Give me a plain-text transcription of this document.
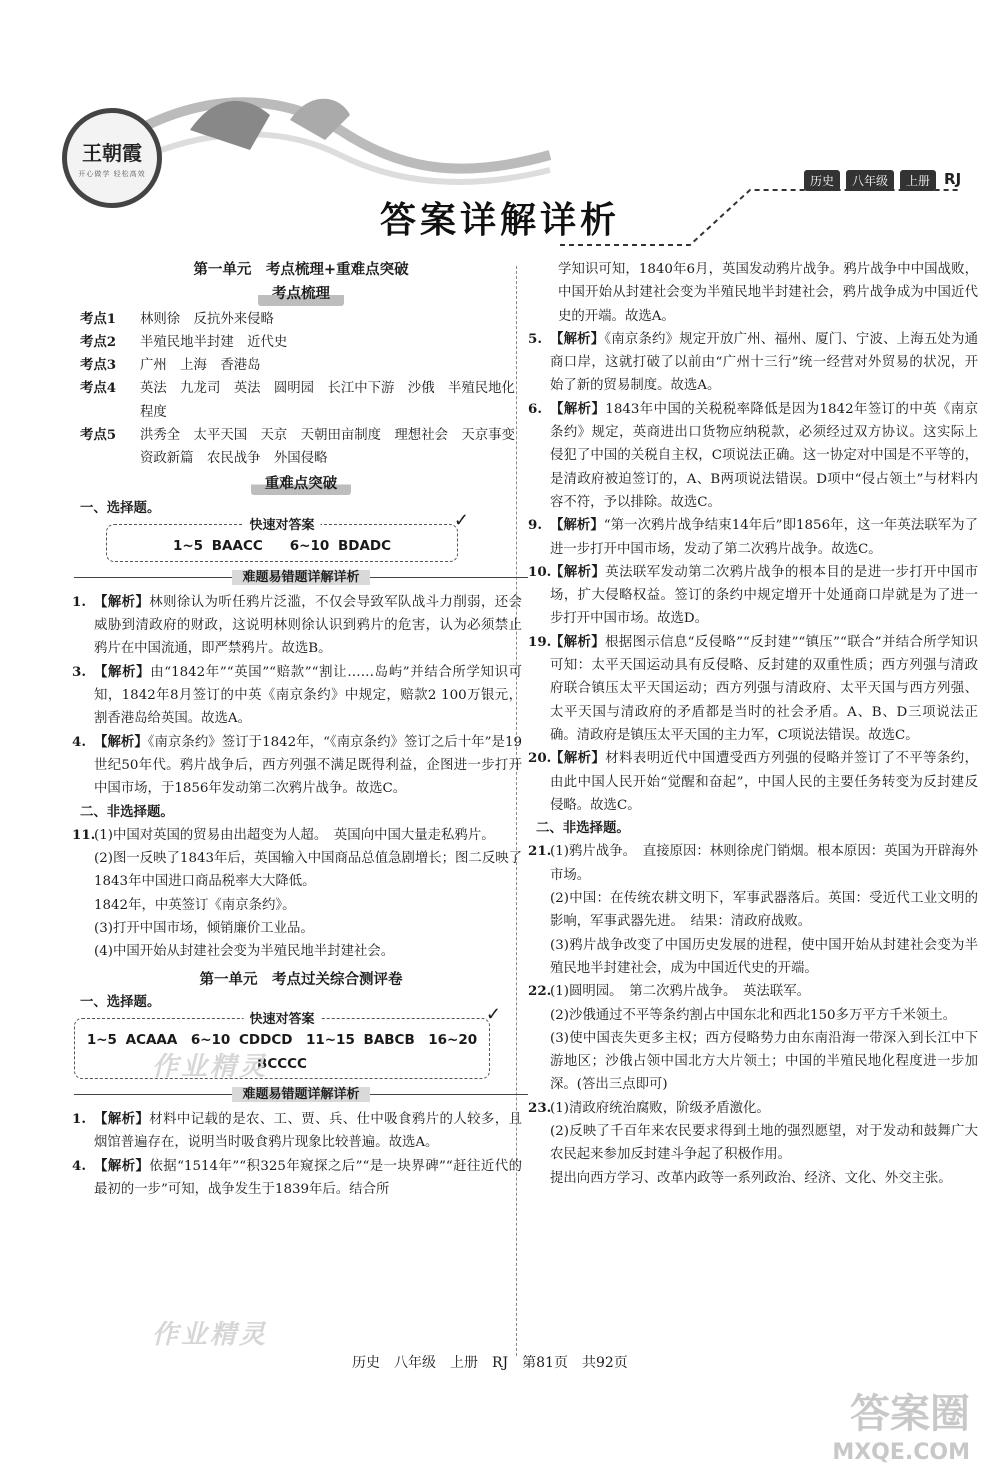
王朝霞
开心做学 轻松高效
答案详解详析
历史	八年级	上册 RJ
第一单元　考点梳理+重难点突破
考点梳理
考点1	林则徐　反抗外来侵略
考点2	半殖民地半封建　近代史
考点3	广州　上海　香港岛
考点4	英法　九龙司　英法　圆明园　长江中下游　沙俄　半殖民地化程度
考点5	洪秀全　太平天国　天京　天朝田亩制度　理想社会　天京事变　资政新篇　农民战争　外国侵略
重难点突破
一、选择题。
快速对答案	✓
1~5 BAACC　　6~10 BDADC
难题易错题详解详析
1. 【解析】林则徐认为听任鸦片泛滥，不仅会导致军队战斗力削弱，还会威胁到清政府的财政，这说明林则徐认识到鸦片的危害，认为必须禁止鸦片在中国流通，即严禁鸦片。故选B。
3. 【解析】由“1842年”“英国”“赔款”“割让……岛屿”并结合所学知识可知，1842年8月签订的中英《南京条约》中规定，赔款2 100万银元，割香港岛给英国。故选A。
4. 【解析】《南京条约》签订于1842年，“《南京条约》签订之后十年”是19世纪50年代。鸦片战争后，西方列强不满足既得利益，企图进一步打开中国市场，于1856年发动第二次鸦片战争。故选C。
二、非选择题。
11.
(1)中国对英国的贸易由出超变为人超。　英国向中国大量走私鸦片。
(2)图一反映了1843年后，英国输入中国商品总值急剧增长；图二反映了1843年中国进口商品税率大大降低。
1842年，中英签订《南京条约》。
(3)打开中国市场，倾销廉价工业品。
(4)中国开始从封建社会变为半殖民地半封建社会。
第一单元　考点过关综合测评卷
一、选择题。
快速对答案	✓
1~5 ACAAA　6~10 CDDCD　11~15 BABCB　16~20 BCCCC
难题易错题详解详析
1. 【解析】材料中记载的是农、工、贾、兵、仕中吸食鸦片的人较多，且烟馆普遍存在，说明当时吸食鸦片现象比较普遍。故选A。
4. 【解析】依据“1514年”“积325年窥探之后”“是一块界碑”“赶往近代的最初的一步”可知，战争发生于1839年后。结合所
作业精灵
作业精灵
学知识可知，1840年6月，英国发动鸦片战争。鸦片战争中中国战败，中国开始从封建社会变为半殖民地半封建社会，鸦片战争成为中国近代史的开端。故选A。
5. 【解析】《南京条约》规定开放广州、福州、厦门、宁波、上海五处为通商口岸，这就打破了以前由“广州十三行”统一经营对外贸易的状况，开始了新的贸易制度。故选A。
6. 【解析】1843年中国的关税税率降低是因为1842年签订的中英《南京条约》规定，英商进出口货物应纳税款，必须经过双方协议。这实际上侵犯了中国的关税自主权，C项说法正确。这一协定对中国是不平等的，是清政府被迫签订的，A、B两项说法错误。D项中“侵占领土”与材料内容不符，予以排除。故选C。
9. 【解析】“第一次鸦片战争结束14年后”即1856年，这一年英法联军为了进一步打开中国市场，发动了第二次鸦片战争。故选C。
10.
【解析】英法联军发动第二次鸦片战争的根本目的是进一步打开中国市场，扩大侵略权益。签订的条约中规定增开十处通商口岸就是为了进一步打开中国市场。故选D。
19.
【解析】根据图示信息“反侵略”“反封建”“镇压”“联合”并结合所学知识可知：太平天国运动具有反侵略、反封建的双重性质；西方列强与清政府联合镇压太平天国运动；西方列强与清政府、太平天国与西方列强、太平天国与清政府的矛盾都是当时的社会矛盾。A、B、D三项说法正确。清政府是镇压太平天国的主力军，C项说法错误。故选C。
20.
【解析】材料表明近代中国遭受西方列强的侵略并签订了不平等条约，由此中国人民开始“觉醒和奋起”，中国人民的主要任务转变为反封建反侵略。故选C。
二、非选择题。
21.
(1)鸦片战争。　直接原因：林则徐虎门销烟。根本原因：英国为开辟海外市场。
(2)中国：在传统农耕文明下，军事武器落后。英国：受近代工业文明的影响，军事武器先进。　结果：清政府战败。
(3)鸦片战争改变了中国历史发展的进程，使中国开始从封建社会变为半殖民地半封建社会，成为中国近代史的开端。
22.
(1)圆明园。　第二次鸦片战争。　英法联军。
(2)沙俄通过不平等条约割占中国东北和西北150多万平方千米领土。
(3)使中国丧失更多主权；西方侵略势力由东南沿海一带深入到长江中下游地区；沙俄占领中国北方大片领土；中国的半殖民地化程度进一步加深。(答出三点即可)
23.
(1)清政府统治腐败，阶级矛盾激化。
(2)反映了千百年来农民要求得到土地的强烈愿望，对于发动和鼓舞广大农民起来参加反封建斗争起了积极作用。
提出向西方学习、改革内政等一系列政治、经济、文化、外交主张。
历史　八年级　上册　RJ　第81页　共92页
答案圈
MXQE.COM
